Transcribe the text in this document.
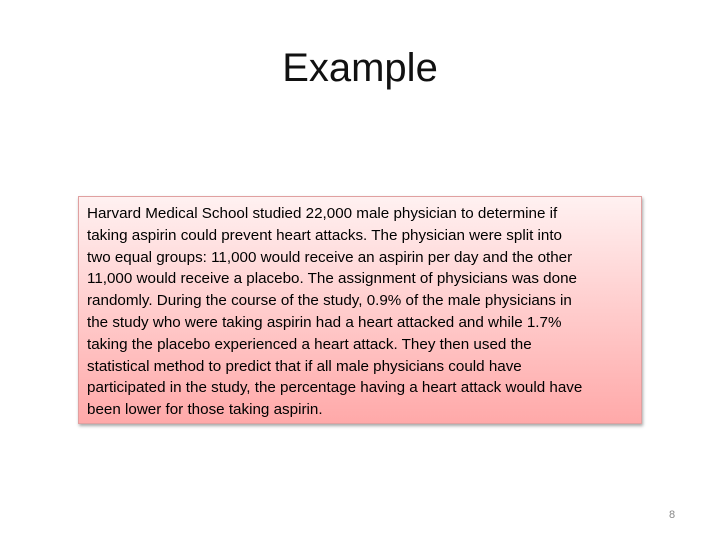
Example
Harvard Medical School studied 22,000 male physician to determine if
taking aspirin could prevent heart attacks. The physician were split into
two equal groups: 11,000 would receive an aspirin per day and the other
11,000 would receive a placebo. The assignment of physicians was done
randomly. During the course of the study, 0.9% of the male physicians in
the study who were taking aspirin had a heart attacked and while 1.7%
taking the placebo experienced a heart attack. They then used the
statistical method to predict that if all male physicians could have
participated in the study, the percentage having a heart attack would have
been lower for those taking aspirin.
8
